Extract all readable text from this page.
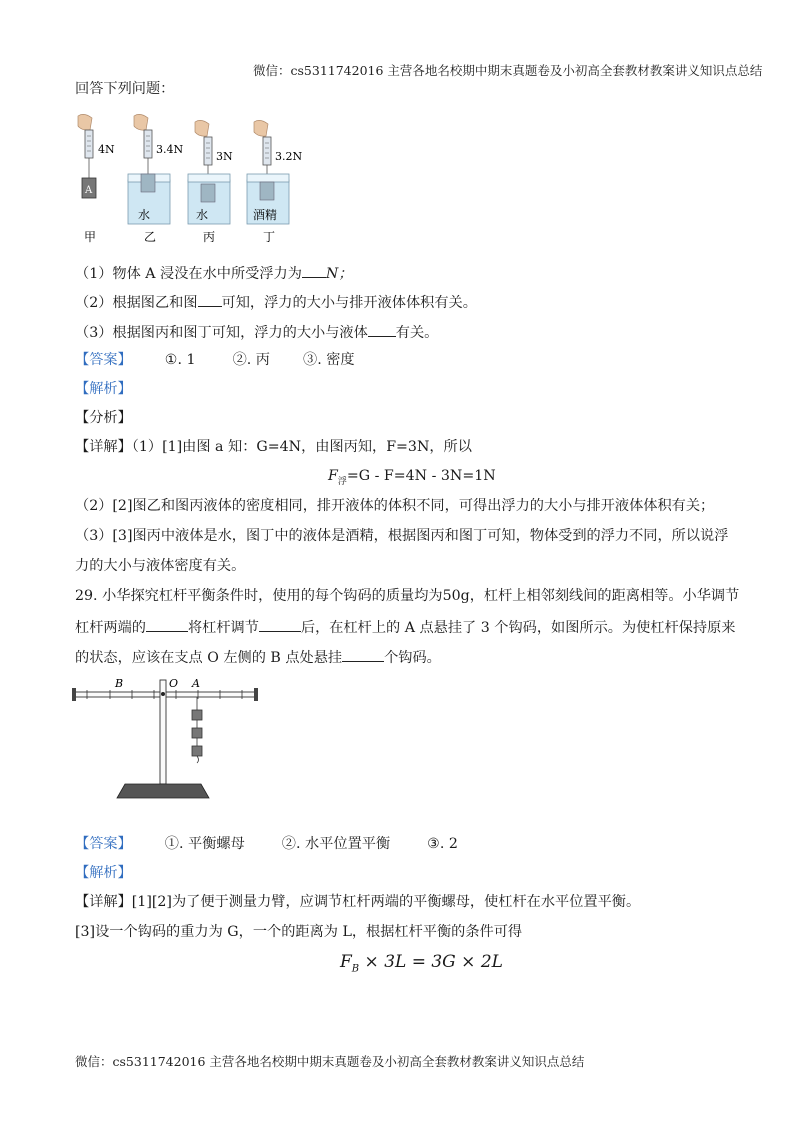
微信：cs5311742016 主营各地名校期中期末真题卷及小初高全套教材教案讲义知识点总结
回答下列问题：
4N	3.4N
3N	3.2N
A
水	水	酒精
甲	乙	丙	丁
（1）物体 A 浸没在水中所受浮力为 N；
（2）根据图乙和图 可知，浮力的大小与排开液体体积有关。
（3）根据图丙和图丁可知，浮力的大小与液体 有关。
【答案】 ①. 1	②. 丙 ③. 密度
【解析】
【分析】
【详解】（1）[1]由图 a 知：G=4N，由图丙知，F=3N，所以
$F_浮=G - F=4N - 3N=1N$
（2）[2]图乙和图丙液体的密度相同，排开液体的体积不同，可得出浮力的大小与排开液体体积有关；
（3）[3]图丙中液体是水，图丁中的液体是酒精，根据图丙和图丁可知，物体受到的浮力不同，所以说浮
力的大小与液体密度有关。
29. 小华探究杠杆平衡条件时，使用的每个钩码的质量均为50g，杠杆上相邻刻线间的距离相等。小华调节
杠杆两端的	将杠杆调节	后，在杠杆上的 A 点悬挂了 3 个钩码，如图所示。为使杠杆保持原来
的状态，应该在支点 O 左侧的 B 点处悬挂	个钩码。
B	O A
【答案】 ①. 平衡螺母	②. 水平位置平衡	③. 2
【解析】
【详解】[1][2]为了便于测量力臂，应调节杠杆两端的平衡螺母，使杠杆在水平位置平衡。
[3]设一个钩码的重力为 G，一个的距离为 L，根据杠杆平衡的条件可得
$F_B \times 3L = 3G \times 2L$
微信：cs5311742016 主营各地名校期中期末真题卷及小初高全套教材教案讲义知识点总结
